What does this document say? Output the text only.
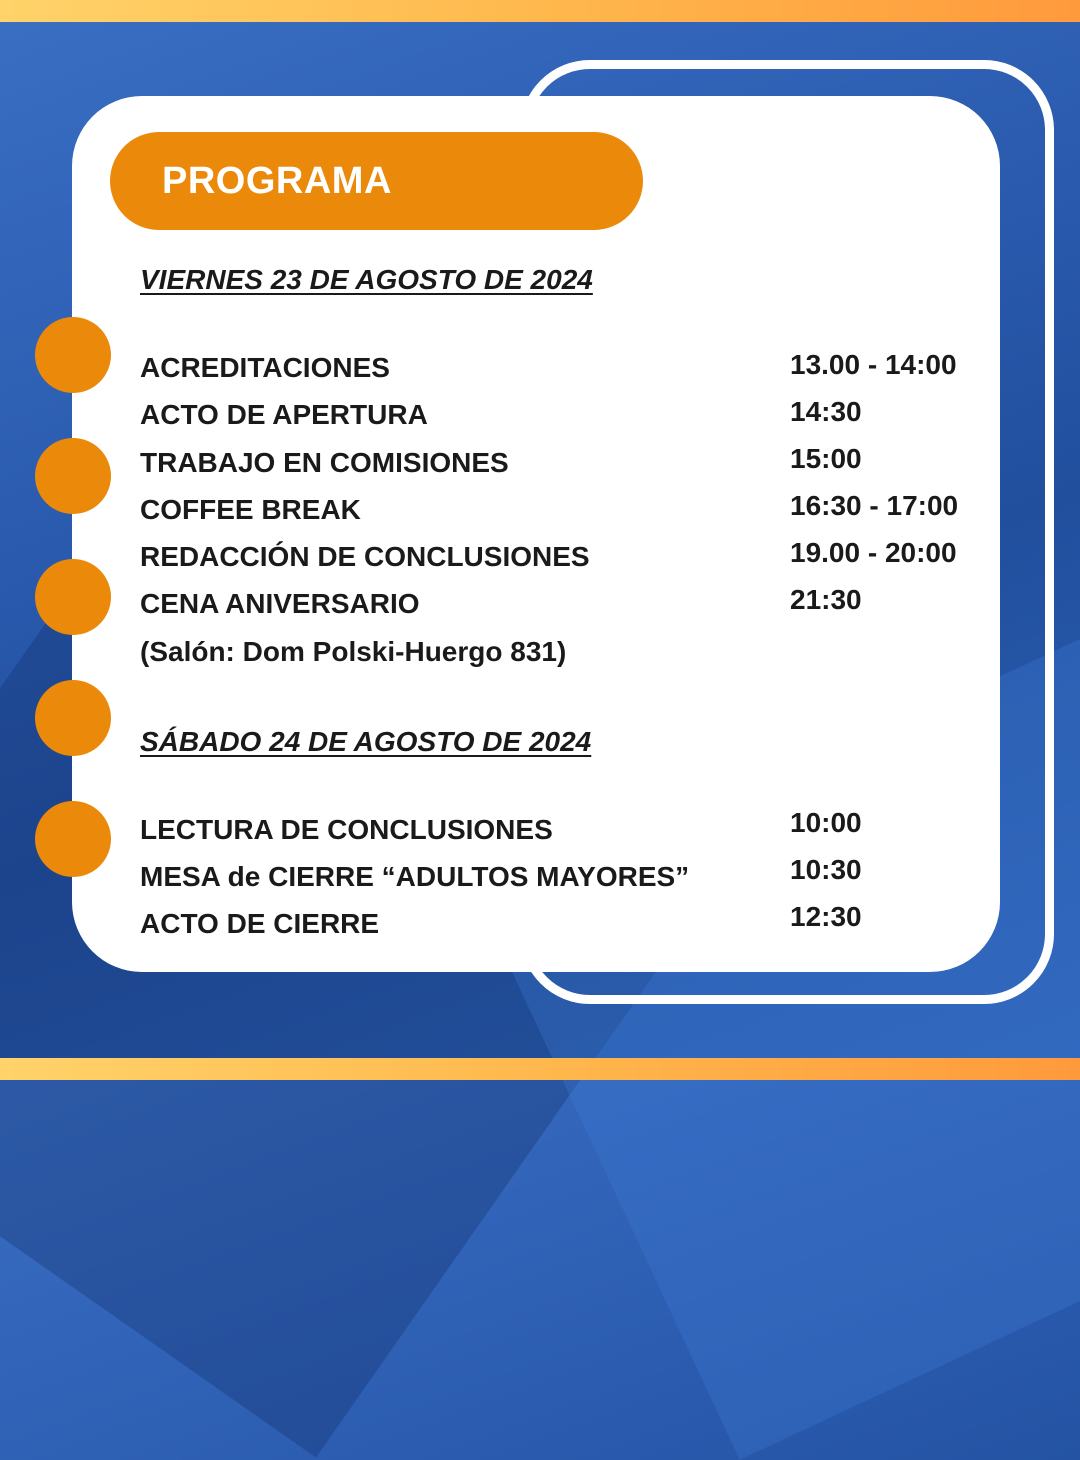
PROGRAMA
VIERNES 23 DE AGOSTO DE 2024
ACREDITACIONES	13.00 - 14:00
ACTO DE APERTURA	14:30
TRABAJO EN COMISIONES	15:00
COFFEE BREAK	16:30 - 17:00
REDACCIÓN DE CONCLUSIONES	19.00 - 20:00
CENA ANIVERSARIO	21:30
(Salón: Dom Polski-Huergo 831)
SÁBADO 24 DE AGOSTO DE 2024
LECTURA DE CONCLUSIONES	10:00
MESA de CIERRE “ADULTOS MAYORES”	10:30
ACTO DE CIERRE	12:30
